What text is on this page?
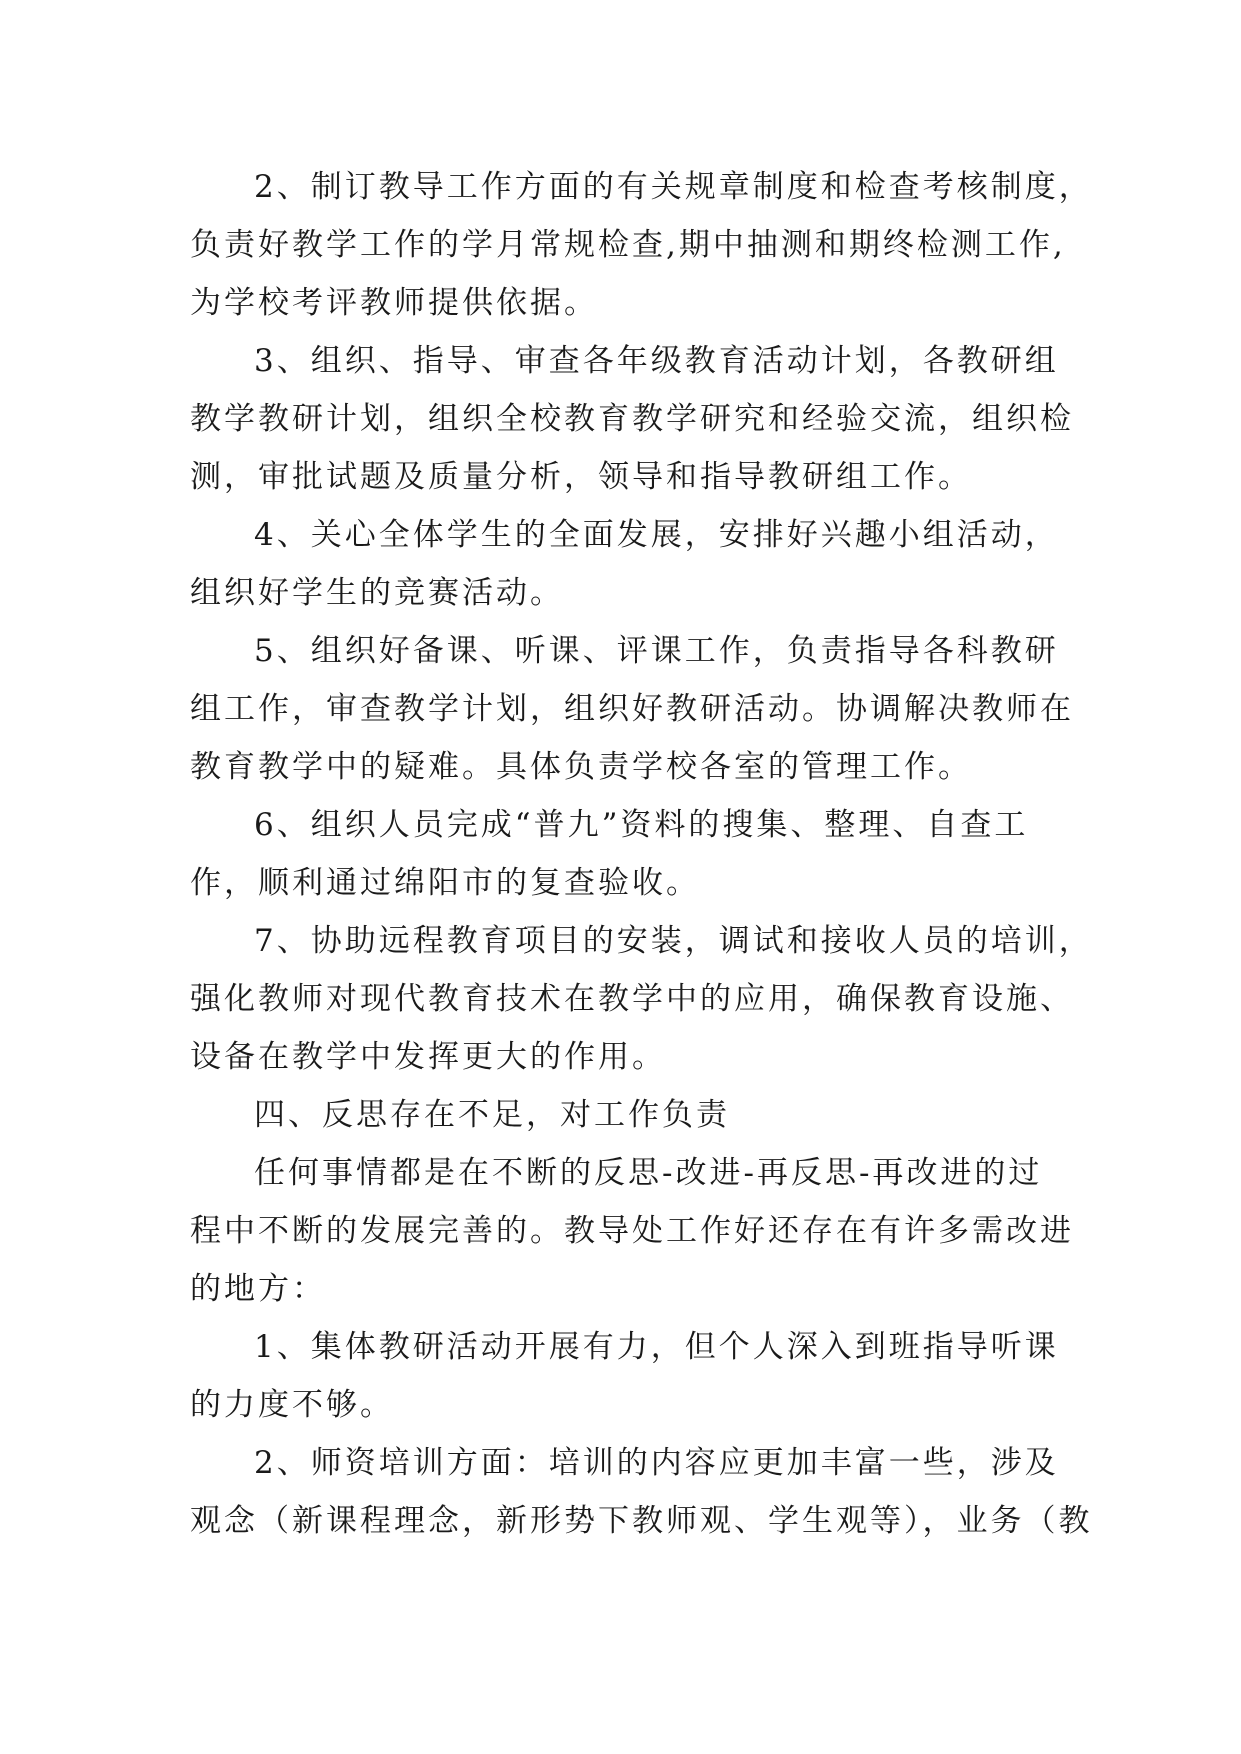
2、制订教导工作方面的有关规章制度和检查考核制度，
负责好教学工作的学月常规检查,期中抽测和期终检测工作,
为学校考评教师提供依据。
3、组织、指导、审查各年级教育活动计划，各教研组
教学教研计划，组织全校教育教学研究和经验交流，组织检
测，审批试题及质量分析，领导和指导教研组工作。
4、关心全体学生的全面发展，安排好兴趣小组活动，
组织好学生的竞赛活动。
5、组织好备课、听课、评课工作，负责指导各科教研
组工作，审查教学计划，组织好教研活动。协调解决教师在
教育教学中的疑难。具体负责学校各室的管理工作。
6、组织人员完成“普九”资料的搜集、整理、自查工
作，顺利通过绵阳市的复查验收。
7、协助远程教育项目的安装，调试和接收人员的培训，
强化教师对现代教育技术在教学中的应用，确保教育设施、
设备在教学中发挥更大的作用。
四、反思存在不足，对工作负责
任何事情都是在不断的反思-改进-再反思-再改进的过
程中不断的发展完善的。教导处工作好还存在有许多需改进
的地方：
1、集体教研活动开展有力，但个人深入到班指导听课
的力度不够。
2、师资培训方面：培训的内容应更加丰富一些，涉及
观念（新课程理念，新形势下教师观、学生观等），业务（教
